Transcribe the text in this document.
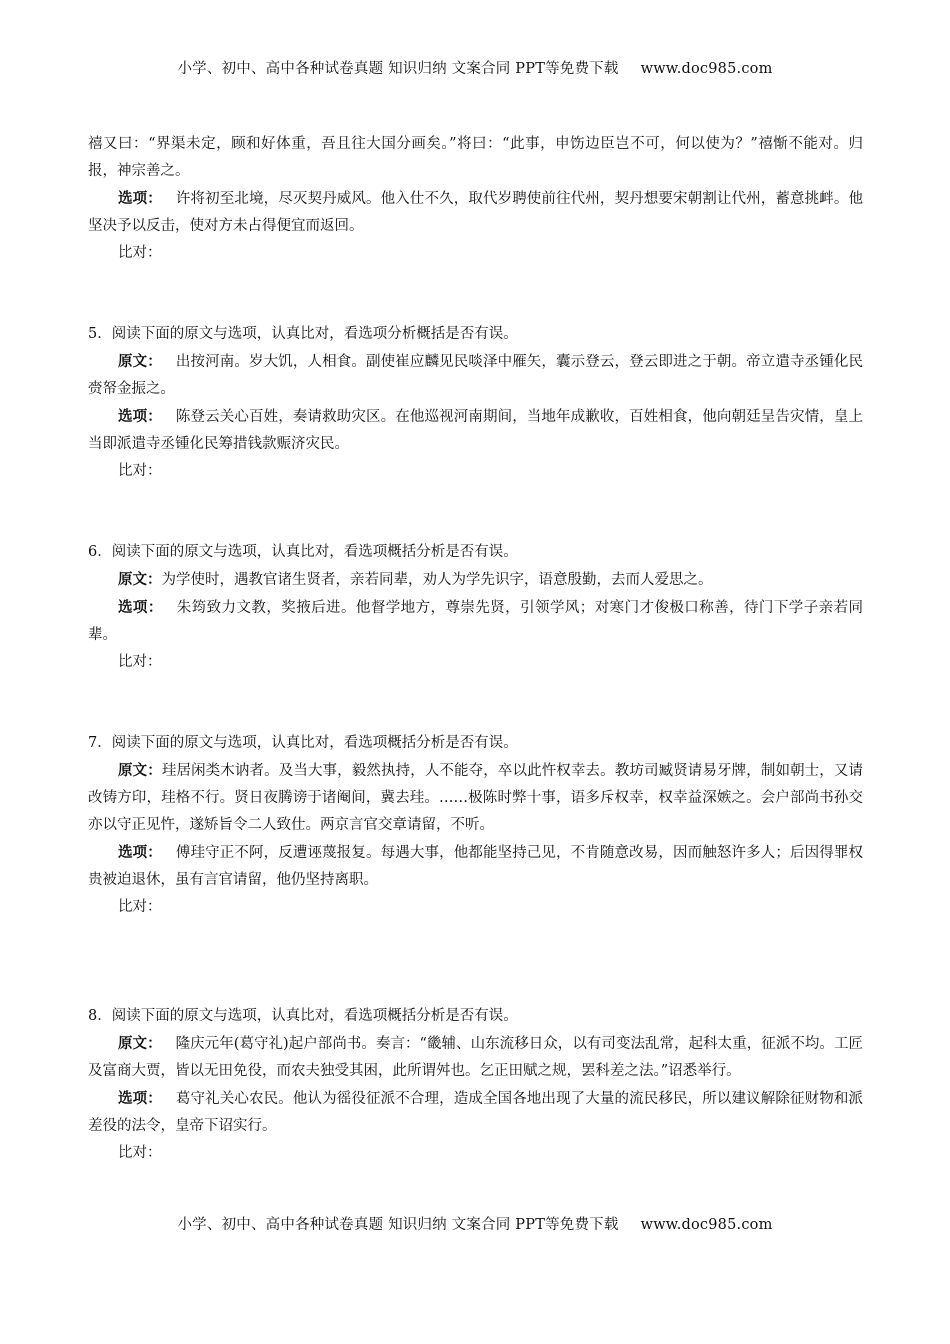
小学、初中、高中各种试卷真题 知识归纳 文案合同 PPT等免费下载 www.doc985.com

禧又曰：“界渠未定，顾和好体重，吾且往大国分画矣。”将曰：“此事，申饬边臣岂不可，何以使为？”禧惭不能对。归报，神宗善之。

选项： 许将初至北境，尽灭契丹威风。他入仕不久，取代岁聘使前往代州，契丹想要宋朝割让代州，蓄意挑衅。他坚决予以反击，使对方未占得便宜而返回。

比对：

5．阅读下面的原文与选项，认真比对，看选项分析概括是否有误。

原文： 出按河南。岁大饥，人相食。副使崔应麟见民啖泽中雁矢，囊示登云，登云即进之于朝。帝立遣寺丞锺化民赍帑金振之。

选项： 陈登云关心百姓，奏请救助灾区。在他巡视河南期间，当地年成歉收，百姓相食，他向朝廷呈告灾情，皇上当即派遣寺丞锺化民筹措钱款赈济灾民。

比对：

6．阅读下面的原文与选项，认真比对，看选项概括分析是否有误。

原文：为学使时，遇教官诸生贤者，亲若同辈，劝人为学先识字，语意殷勤，去而人爱思之。

选项： 朱筠致力文教，奖掖后进。他督学地方，尊崇先贤，引领学风；对寒门才俊极口称善，待门下学子亲若同辈。

比对：

7．阅读下面的原文与选项，认真比对，看选项概括分析是否有误。

原文：珪居闲类木讷者。及当大事，毅然执持，人不能夺，卒以此忤权幸去。教坊司臧贤请易牙牌，制如朝士，又请改铸方印，珪格不行。贤日夜腾谤于诸阉间，冀去珪。……极陈时弊十事，语多斥权幸，权幸益深嫉之。会户部尚书孙交亦以守正见忤，遂矫旨令二人致仕。两京言官交章请留，不听。

选项： 傅珪守正不阿，反遭诬蔑报复。每遇大事，他都能坚持己见，不肯随意改易，因而触怒许多人；后因得罪权贵被迫退休，虽有言官请留，他仍坚持离职。

比对：

8．阅读下面的原文与选项，认真比对，看选项概括分析是否有误。

原文： 隆庆元年(葛守礼)起户部尚书。奏言：“畿辅、山东流移日众，以有司变法乱常，起科太重，征派不均。工匠及富商大贾，皆以无田免役，而农夫独受其困，此所谓舛也。乞正田赋之规，罢科差之法。”诏悉举行。

选项： 葛守礼关心农民。他认为徭役征派不合理，造成全国各地出现了大量的流民移民，所以建议解除征财物和派差役的法令，皇帝下诏实行。

比对：

小学、初中、高中各种试卷真题 知识归纳 文案合同 PPT等免费下载 www.doc985.com
